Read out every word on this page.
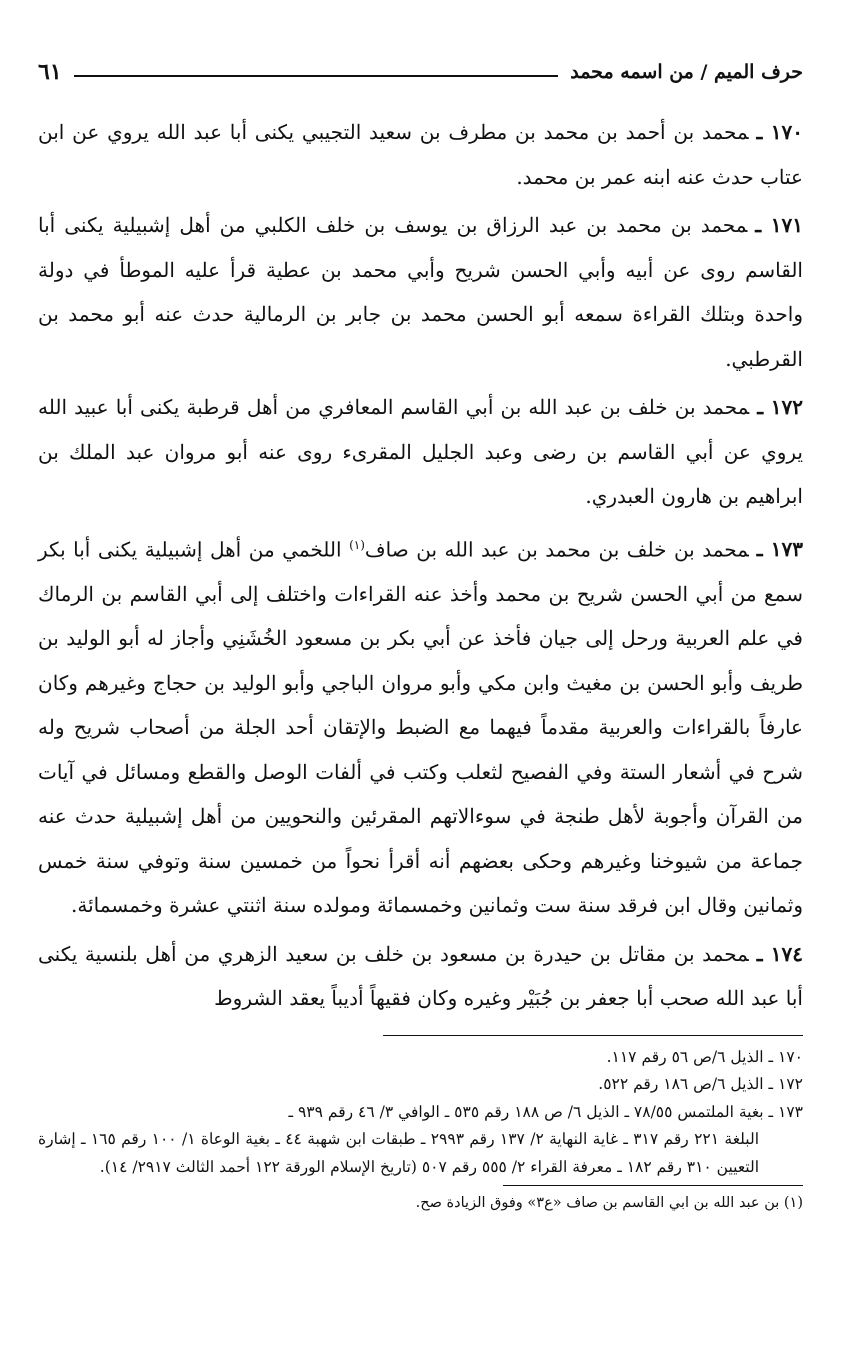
حرف الميم / من اسمه محمد
٦١

١٧٠ ـمحمد بن أحمد بن محمد بن مطرف بن سعيد التجيبي يكنى أبا عبد الله يروي عن ابن عتاب حدث عنه ابنه عمر بن محمد.

١٧١ ـمحمد بن محمد بن عبد الرزاق بن يوسف بن خلف الكلبي من أهل إشبيلية يكنى أبا القاسم روى عن أبيه وأبي الحسن شريح وأبي محمد بن عطية قرأ عليه الموطأ في دولة واحدة وبتلك القراءة سمعه أبو الحسن محمد بن جابر بن الرمالية حدث عنه أبو محمد بن القرطبي.

١٧٢ ـمحمد بن خلف بن عبد الله بن أبي القاسم المعافري من أهل قرطبة يكنى أبا عبيد الله يروي عن أبي القاسم بن رضى وعبد الجليل المقرىء روى عنه أبو مروان عبد الملك بن ابراهيم بن هارون العبدري.

١٧٣ ـمحمد بن خلف بن محمد بن عبد الله بن صاف$^{(١)}$ اللخمي من أهل إشبيلية يكنى أبا بكر سمع من أبي الحسن شريح بن محمد وأخذ عنه القراءات واختلف إلى أبي القاسم بن الرماك في علم العربية ورحل إلى جيان فأخذ عن أبي بكر بن مسعود الخُشَنِي وأجاز له أبو الوليد بن طريف وأبو الحسن بن مغيث وابن مكي وأبو مروان الباجي وأبو الوليد بن حجاج وغيرهم وكان عارفاً بالقراءات والعربية مقدماً فيهما مع الضبط والإتقان أحد الجلة من أصحاب شريح وله شرح في أشعار الستة وفي الفصيح لثعلب وكتب في ألفات الوصل والقطع ومسائل في آيات من القرآن وأجوبة لأهل طنجة في سوءالاتهم المقرئين والنحويين من أهل إشبيلية حدث عنه جماعة من شيوخنا وغيرهم وحكى بعضهم أنه أقرأ نحواً من خمسين سنة وتوفي سنة خمس وثمانين وقال ابن فرقد سنة ست وثمانين وخمسمائة ومولده سنة اثنتي عشرة وخمسمائة.

١٧٤ ـمحمد بن مقاتل بن حيدرة بن مسعود بن خلف بن سعيد الزهري من أهل بلنسية يكنى أبا عبد الله صحب أبا جعفر بن جُبَيْر وغيره وكان فقيهاً أديباً يعقد الشروط

١٧٠ ـ الذيل ٦/ص ٥٦ رقم ١١٧.

١٧٢ ـ الذيل ٦/ص ١٨٦ رقم ٥٢٢.

١٧٣ ـ بغية الملتمس ٧٨/٥٥ ـ الذيل ٦/ ص ١٨٨ رقم ٥٣٥ ـ الوافي ٣/ ٤٦ رقم ٩٣٩ ـ

البلغة ٢٢١ رقم ٣١٧ ـ غاية النهاية ٢/ ١٣٧ رقم ٢٩٩٣ ـ طبقات ابن شهبة ٤٤ ـ بغية الوعاة ١/ ١٠٠ رقم ١٦٥ ـ إشارة التعيين ٣١٠ رقم ١٨٢ ـ معرفة القراء ٢/ ٥٥٥ رقم ٥٠٧ (تاريخ الإسلام الورقة ١٢٢ أحمد الثالث ٢٩١٧/ ١٤).

(١) بن عبد الله بن ابي القاسم بن صاف «ع٣» وفوق الزيادة صح.
